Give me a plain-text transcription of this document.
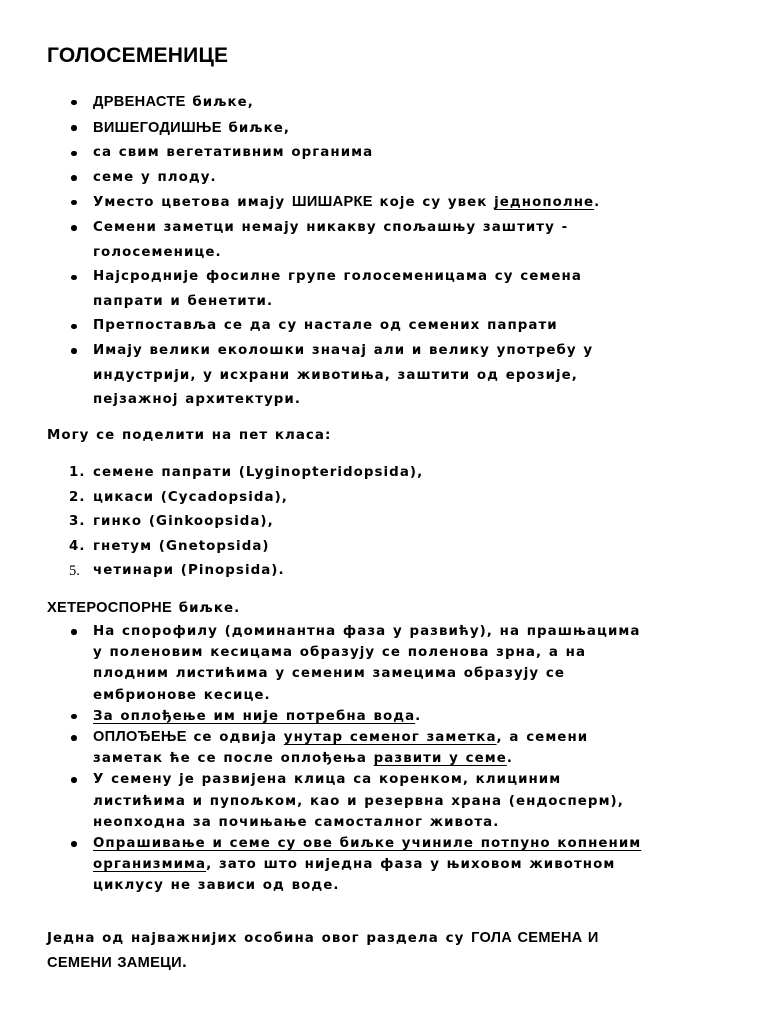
ГОЛОСЕМЕНИЦЕ
ДРВЕНАСТЕ биљке,
ВИШЕГОДИШЊЕ биљке,
са свим вегетативним органима
семе у плоду.
Уместо цветова имају ШИШАРКЕ које су увек једнополне.
Семени заметци немају никакву спољашњу заштиту -
голосеменице.
Најсродније фосилне групе голосеменицама су семена
папрати и бенетити.
Претпоставља се да су настале од семених папрати
Имају велики еколошки значај али и велику употребу у
индустрији, у исхрани животиња, заштити од ерозије,
пејзажној архитектури.

Могу се поделити на пет класа:

1. семене папрати (Lyginopteridopsida),
2. цикаси (Cycadopsida),
3. гинко (Ginkoopsida),
4. гнетум (Gnetopsida)
5. четинари (Pinopsida).

ХЕТЕРОСПОРНЕ биљке.

На спорофилу (доминантна фаза у развићу), на прашњацима
у поленовим кесицама образују се поленова зрна, а на
плодним листићима у семеним замецима образују се
ембрионове кесице.
За оплођење им није потребна вода.
ОПЛОЂЕЊЕ се одвија унутар семеног заметка, а семени
заметак ће се после оплођења развити у семе.
У семену је развијена клица са коренком, клициним
листићима и пупољком, као и резервна храна (ендосперм),
неопходна за почињање самосталног живота.
Опрашивање и семе су ове биљке учиниле потпуно копненим
организмима, зато што ниједна фаза у њиховом животном
циклусу не зависи од воде.

Једна од најважнијих особина овог раздела су ГОЛА СЕМЕНА И
СЕМЕНИ ЗАМЕЦИ.
